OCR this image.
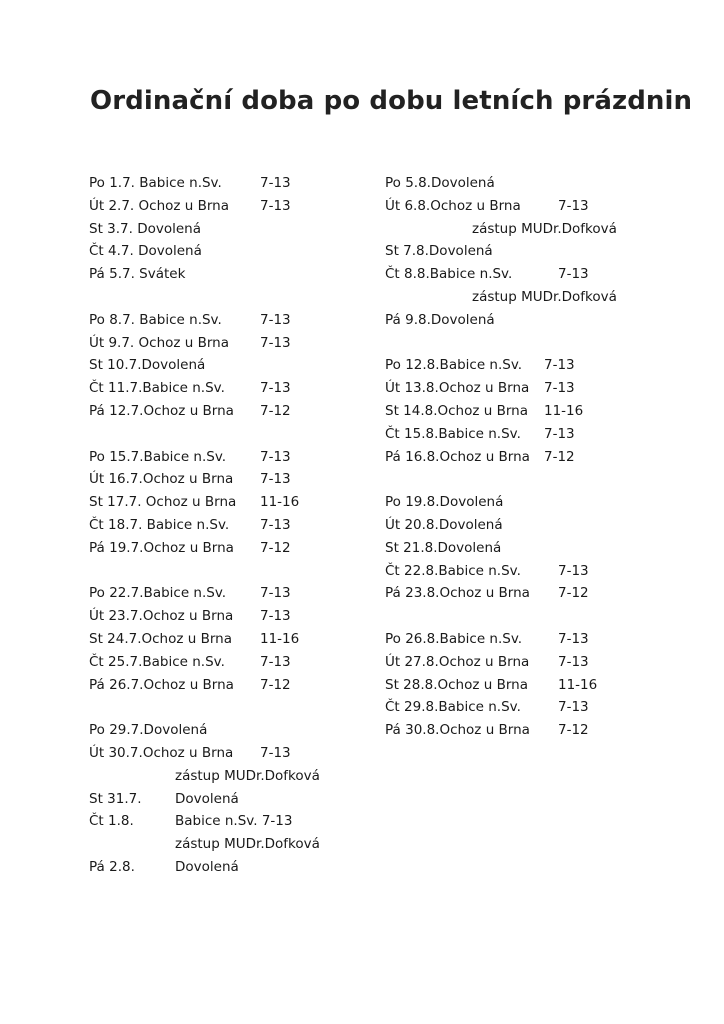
Ordinační doba po dobu letních prázdnin
Po 1.7. Babice n.Sv.	7-13
Út 2.7. Ochoz u Brna 7-13
St 3.7. Dovolená
Čt 4.7. Dovolená
Pá 5.7. Svátek
Po 8.7. Babice n.Sv.	7-13
Út 9.7. Ochoz u Brna 7-13
St 10.7.Dovolená
Čt 11.7.Babice n.Sv.	7-13
Pá 12.7.Ochoz u Brna 7-12
Po 15.7.Babice n.Sv.	7-13
Út 16.7.Ochoz u Brna 7-13
St 17.7. Ochoz u Brna 11-16
Čt 18.7. Babice n.Sv. 7-13
Pá 19.7.Ochoz u Brna 7-12
Po 22.7.Babice n.Sv.	7-13
Út 23.7.Ochoz u Brna 7-13
St 24.7.Ochoz u Brna 11-16
Čt 25.7.Babice n.Sv.	7-13
Pá 26.7.Ochoz u Brna 7-12
Po 29.7.Dovolená
Út 30.7.Ochoz u Brna 7-13
zástup MUDr.Dofková
St 31.7. Dovolená
Čt 1.8.	Babice n.Sv. 7-13
zástup MUDr.Dofková
Pá 2.8.	Dovolená
Po 5.8.Dovolená
Út 6.8.Ochoz u Brna	7-13
zástup MUDr.Dofková
St 7.8.Dovolená
Čt 8.8.Babice n.Sv.	7-13
zástup MUDr.Dofková
Pá 9.8.Dovolená
Po 12.8.Babice n.Sv. 7-13
Út 13.8.Ochoz u Brna 7-13
St 14.8.Ochoz u Brna 11-16
Čt 15.8.Babice n.Sv. 7-13
Pá 16.8.Ochoz u Brna 7-12
Po 19.8.Dovolená
Út 20.8.Dovolená
St 21.8.Dovolená
Čt 22.8.Babice n.Sv.	7-13
Pá 23.8.Ochoz u Brna 7-12
Po 26.8.Babice n.Sv.	7-13
Út 27.8.Ochoz u Brna 7-13
St 28.8.Ochoz u Brna 11-16
Čt 29.8.Babice n.Sv.	7-13
Pá 30.8.Ochoz u Brna 7-12
